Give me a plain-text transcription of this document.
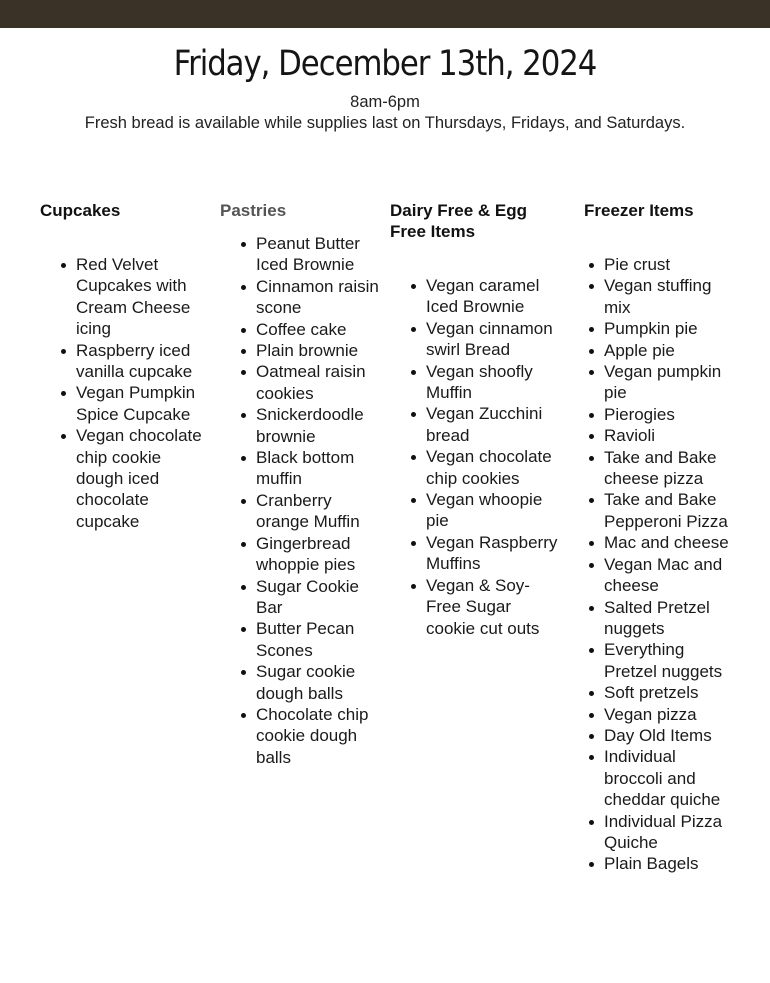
Friday, December 13th, 2024
8am-6pm
Fresh bread is available while supplies last on Thursdays, Fridays, and Saturdays.
Cupcakes
Red Velvet Cupcakes with Cream Cheese icing
Raspberry iced vanilla cupcake
Vegan Pumpkin Spice Cupcake
Vegan chocolate chip cookie dough iced chocolate cupcake
Pastries
Peanut Butter Iced Brownie
Cinnamon raisin scone
Coffee cake
Plain brownie
Oatmeal raisin cookies
Snickerdoodle brownie
Black bottom muffin
Cranberry orange Muffin
Gingerbread whoppie pies
Sugar Cookie Bar
Butter Pecan Scones
Sugar cookie dough balls
Chocolate chip cookie dough balls
Dairy Free & Egg Free Items
Vegan caramel Iced Brownie
Vegan cinnamon swirl Bread
Vegan shoofly Muffin
Vegan Zucchini bread
Vegan chocolate chip cookies
Vegan whoopie pie
Vegan Raspberry Muffins
Vegan & Soy-Free Sugar cookie cut outs
Freezer Items
Pie crust
Vegan stuffing mix
Pumpkin pie
Apple pie
Vegan pumpkin pie
Pierogies
Ravioli
Take and Bake cheese pizza
Take and Bake Pepperoni Pizza
Mac and cheese
Vegan Mac and cheese
Salted Pretzel nuggets
Everything Pretzel nuggets
Soft pretzels
Vegan pizza
Day Old Items
Individual broccoli and cheddar quiche
Individual Pizza Quiche
Plain Bagels
